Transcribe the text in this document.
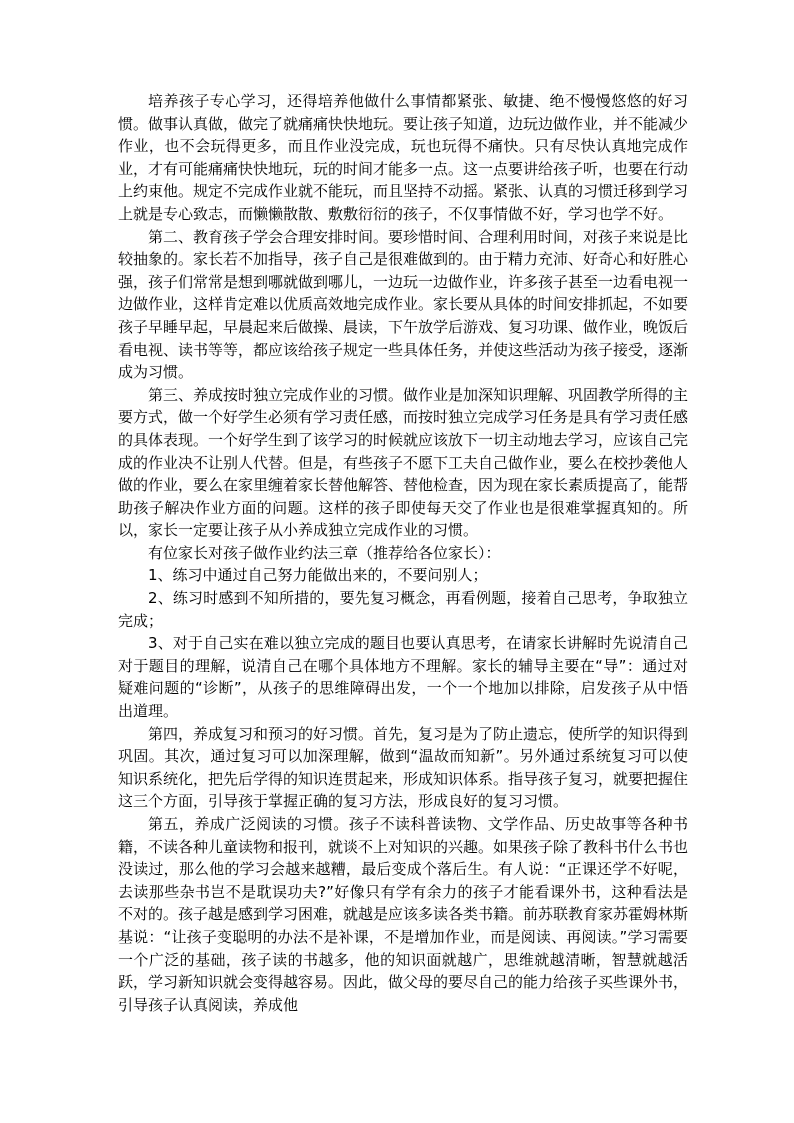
培养孩子专心学习，还得培养他做什么事情都紧张、敏捷、绝不慢慢悠悠的好习惯。做事认真做，做完了就痛痛快快地玩。要让孩子知道，边玩边做作业，并不能减少作业，也不会玩得更多，而且作业没完成，玩也玩得不痛快。只有尽快认真地完成作业，才有可能痛痛快快地玩，玩的时间才能多一点。这一点要讲给孩子听，也要在行动上约束他。规定不完成作业就不能玩，而且坚持不动摇。紧张、认真的习惯迁移到学习上就是专心致志，而懒懒散散、敷敷衍衍的孩子，不仅事情做不好，学习也学不好。

第二、教育孩子学会合理安排时间。要珍惜时间、合理利用时间，对孩子来说是比较抽象的。家长若不加指导，孩子自己是很难做到的。由于精力充沛、好奇心和好胜心强，孩子们常常是想到哪就做到哪儿，一边玩一边做作业，许多孩子甚至一边看电视一边做作业，这样肯定难以优质高效地完成作业。家长要从具体的时间安排抓起，不如要孩子早睡早起，早晨起来后做操、晨读，下午放学后游戏、复习功课、做作业，晚饭后看电视、读书等等，都应该给孩子规定一些具体任务，并使这些活动为孩子接受，逐渐成为习惯。

第三、养成按时独立完成作业的习惯。做作业是加深知识理解、巩固教学所得的主要方式，做一个好学生必须有学习责任感，而按时独立完成学习任务是具有学习责任感的具体表现。一个好学生到了该学习的时候就应该放下一切主动地去学习，应该自己完成的作业决不让别人代替。但是，有些孩子不愿下工夫自己做作业，要么在校抄袭他人做的作业，要么在家里缠着家长替他解答、替他检查，因为现在家长素质提高了，能帮助孩子解决作业方面的问题。这样的孩子即使每天交了作业也是很难掌握真知的。所以，家长一定要让孩子从小养成独立完成作业的习惯。

有位家长对孩子做作业约法三章（推荐给各位家长）：

1、练习中通过自己努力能做出来的，不要问别人；

2、练习时感到不知所措的，要先复习概念，再看例题，接着自己思考，争取独立完成；

3、对于自己实在难以独立完成的题目也要认真思考，在请家长讲解时先说清自己对于题目的理解，说清自己在哪个具体地方不理解。家长的辅导主要在“导”：通过对疑难问题的“诊断”，从孩子的思维障碍出发，一个一个地加以排除，启发孩子从中悟出道理。

第四，养成复习和预习的好习惯。首先，复习是为了防止遗忘，使所学的知识得到巩固。其次，通过复习可以加深理解，做到“温故而知新”。另外通过系统复习可以使知识系统化，把先后学得的知识连贯起来，形成知识体系。指导孩子复习，就要把握住这三个方面，引导孩于掌握正确的复习方法，形成良好的复习习惯。

第五，养成广泛阅读的习惯。孩子不读科普读物、文学作品、历史故事等各种书籍，不读各种儿童读物和报刊，就谈不上对知识的兴趣。如果孩子除了教科书什么书也没读过，那么他的学习会越来越糟，最后变成个落后生。有人说：“正课还学不好呢，去读那些杂书岂不是耽误功夫?”好像只有学有余力的孩子才能看课外书，这种看法是不对的。孩子越是感到学习困难，就越是应该多读各类书籍。前苏联教育家苏霍姆林斯基说：“让孩子变聪明的办法不是补课，不是增加作业，而是阅读、再阅读。”学习需要一个广泛的基础，孩子读的书越多，他的知识面就越广，思维就越清晰，智慧就越活跃，学习新知识就会变得越容易。因此，做父母的要尽自己的能力给孩子买些课外书，引导孩子认真阅读，养成他
